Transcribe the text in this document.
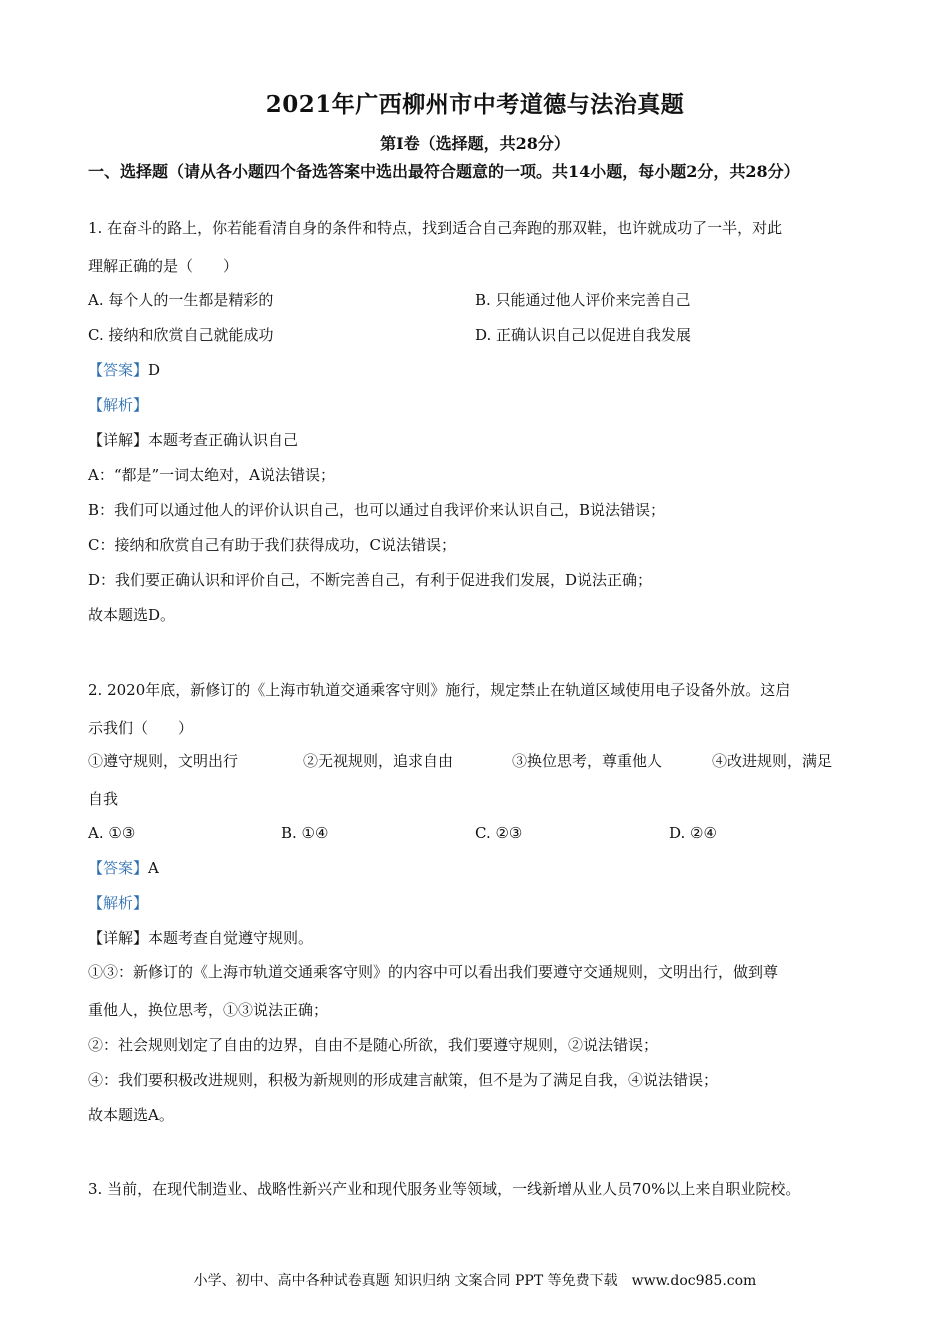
2021年广西柳州市中考道德与法治真题
第Ⅰ卷（选择题，共28分）
一、选择题（请从各小题四个备选答案中选出最符合题意的一项。共14小题，每小题2分，共28分）
1. 在奋斗的路上，你若能看清自身的条件和特点，找到适合自己奔跑的那双鞋，也许就成功了一半，对此
理解正确的是（　　）
A. 每个人的一生都是精彩的	B. 只能通过他人评价来完善自己
C. 接纳和欣赏自己就能成功	D. 正确认识自己以促进自我发展
【答案】D
【解析】
【详解】本题考查正确认识自己
A：“都是”一词太绝对，A说法错误；
B：我们可以通过他人的评价认识自己，也可以通过自我评价来认识自己，B说法错误；
C：接纳和欣赏自己有助于我们获得成功，C说法错误；
D：我们要正确认识和评价自己，不断完善自己，有利于促进我们发展，D说法正确；
故本题选D。
2. 2020年底，新修订的《上海市轨道交通乘客守则》施行，规定禁止在轨道区域使用电子设备外放。这启
示我们（　　）
①遵守规则，文明出行	②无视规则，追求自由	③换位思考，尊重他人	④改进规则，满足
自我
A. ①③	B. ①④	C. ②③	D. ②④
【答案】A
【解析】
【详解】本题考查自觉遵守规则。
①③：新修订的《上海市轨道交通乘客守则》的内容中可以看出我们要遵守交通规则，文明出行，做到尊
重他人，换位思考，①③说法正确；
②：社会规则划定了自由的边界，自由不是随心所欲，我们要遵守规则，②说法错误；
④：我们要积极改进规则，积极为新规则的形成建言献策，但不是为了满足自我，④说法错误；
故本题选A。
3. 当前，在现代制造业、战略性新兴产业和现代服务业等领域，一线新增从业人员70%以上来自职业院校。
小学、初中、高中各种试卷真题 知识归纳 文案合同 PPT 等免费下载　www.doc985.com
